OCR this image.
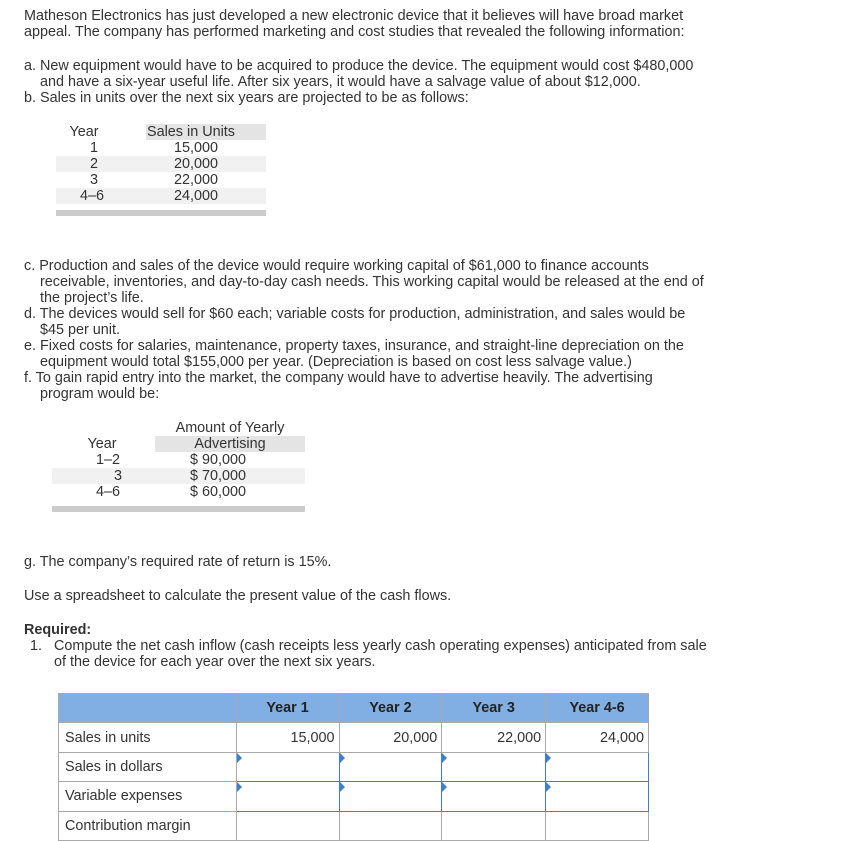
Matheson Electronics has just developed a new electronic device that it believes will have broad market
appeal. The company has performed marketing and cost studies that revealed the following information:
a. New equipment would have to be acquired to produce the device. The equipment would cost $480,000
and have a six-year useful life. After six years, it would have a salvage value of about $12,000.
b. Sales in units over the next six years are projected to be as follows:
Year	Sales in Units
1	15,000
2	20,000
3	22,000
4–6	24,000
c. Production and sales of the device would require working capital of $61,000 to finance accounts
receivable, inventories, and day-to-day cash needs. This working capital would be released at the end of
the project’s life.
d. The devices would sell for $60 each; variable costs for production, administration, and sales would be
$45 per unit.
e. Fixed costs for salaries, maintenance, property taxes, insurance, and straight-line depreciation on the
equipment would total $155,000 per year. (Depreciation is based on cost less salvage value.)
f. To gain rapid entry into the market, the company would have to advertise heavily. The advertising
program would be:
Amount of Yearly
Advertising
Year
1–2	$ 90,000
3	$ 70,000
4–6	$ 60,000
g. The company’s required rate of return is 15%.
Use a spreadsheet to calculate the present value of the cash flows.
Required:
1. Compute the net cash inflow (cash receipts less yearly cash operating expenses) anticipated from sale
of the device for each year over the next six years.
	Year 1	Year 2	Year 3	Year 4-6
Sales in units	15,000	20,000	22,000	24,000
Sales in dollars				
Variable expenses				
Contribution margin				
